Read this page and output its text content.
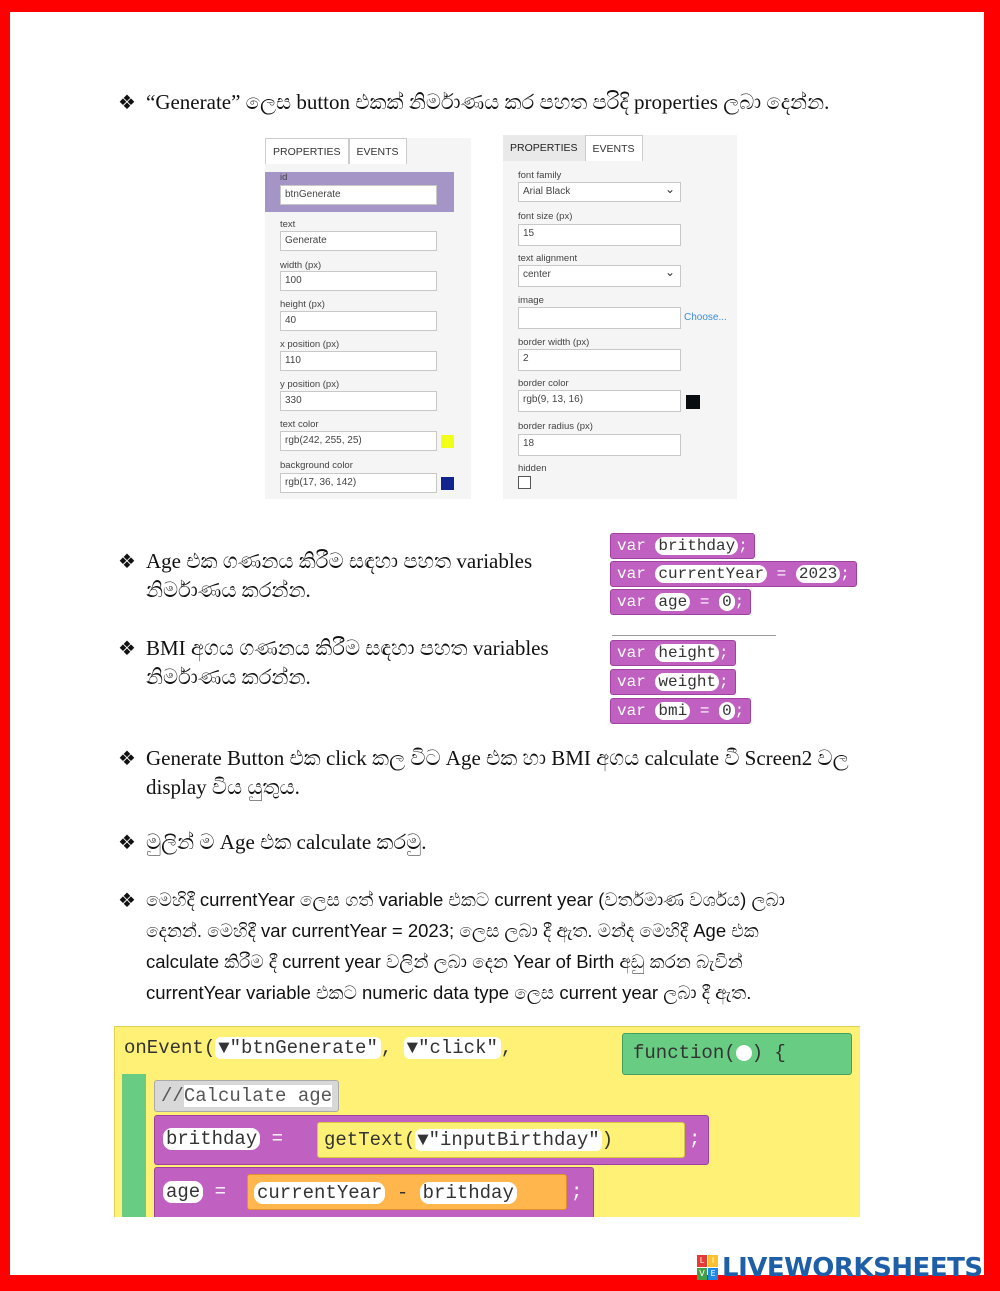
❖ “Generate” ලෙස button එකක් නිර්මාණය කර පහත පරිදි properties ලබා දෙන්න.
PROPERTIES	EVENTS
id
btnGenerate
text
Generate
width (px)
100
height (px)
40
x position (px)
110
y position (px)
330
text color
rgb(242, 255, 25)
background color
rgb(17, 36, 142)
PROPERTIES	EVENTS
font family
Arial Black ⌄
font size (px)
15
text alignment
center ⌄
image
Choose...
border width (px)
2
border color
rgb(9, 13, 16)
border radius (px)
18
hidden
❖ Age එක ගණනය කිරීම සඳහා පහත variables නිර්මාණය කරන්න.
var brithday ;
var currentYear = 2023 ;
var age = 0 ;
❖ BMI අගය ගණනය කිරීම සඳහා පහත variables නිර්මාණය කරන්න.
var height ;
var weight ;
var bmi = 0 ;
❖ Generate Button එක click කල විට Age එක හා BMI අගය calculate වී Screen2 වල display විය යුතුය.
❖ මුලින් ම Age එක calculate කරමු.
❖ මෙහිදී currentYear ලෙස ගත් variable එකට current year (වර්තමාණ වර්ශය) ලබා
දෙනන්. මෙහිදී var currentYear = 2023; ලෙස ලබා දී ඇත. මන්ද මෙහිදී Age එක
calculate කිරීම දී current year වලින් ලබා දෙන Year of Birth අඩු කරන බැවින්
currentYear variable එකට numeric data type ලෙස current year ලබා දී ඇත.
onEvent( ▼"btnGenerate" , ▼"click" ,	function( ) {
//Calculate age
brithday = getText( ▼"inputBirthday" )	;
age = currentYear - brithday	;
L I
V E LIVEWORKSHEETS
